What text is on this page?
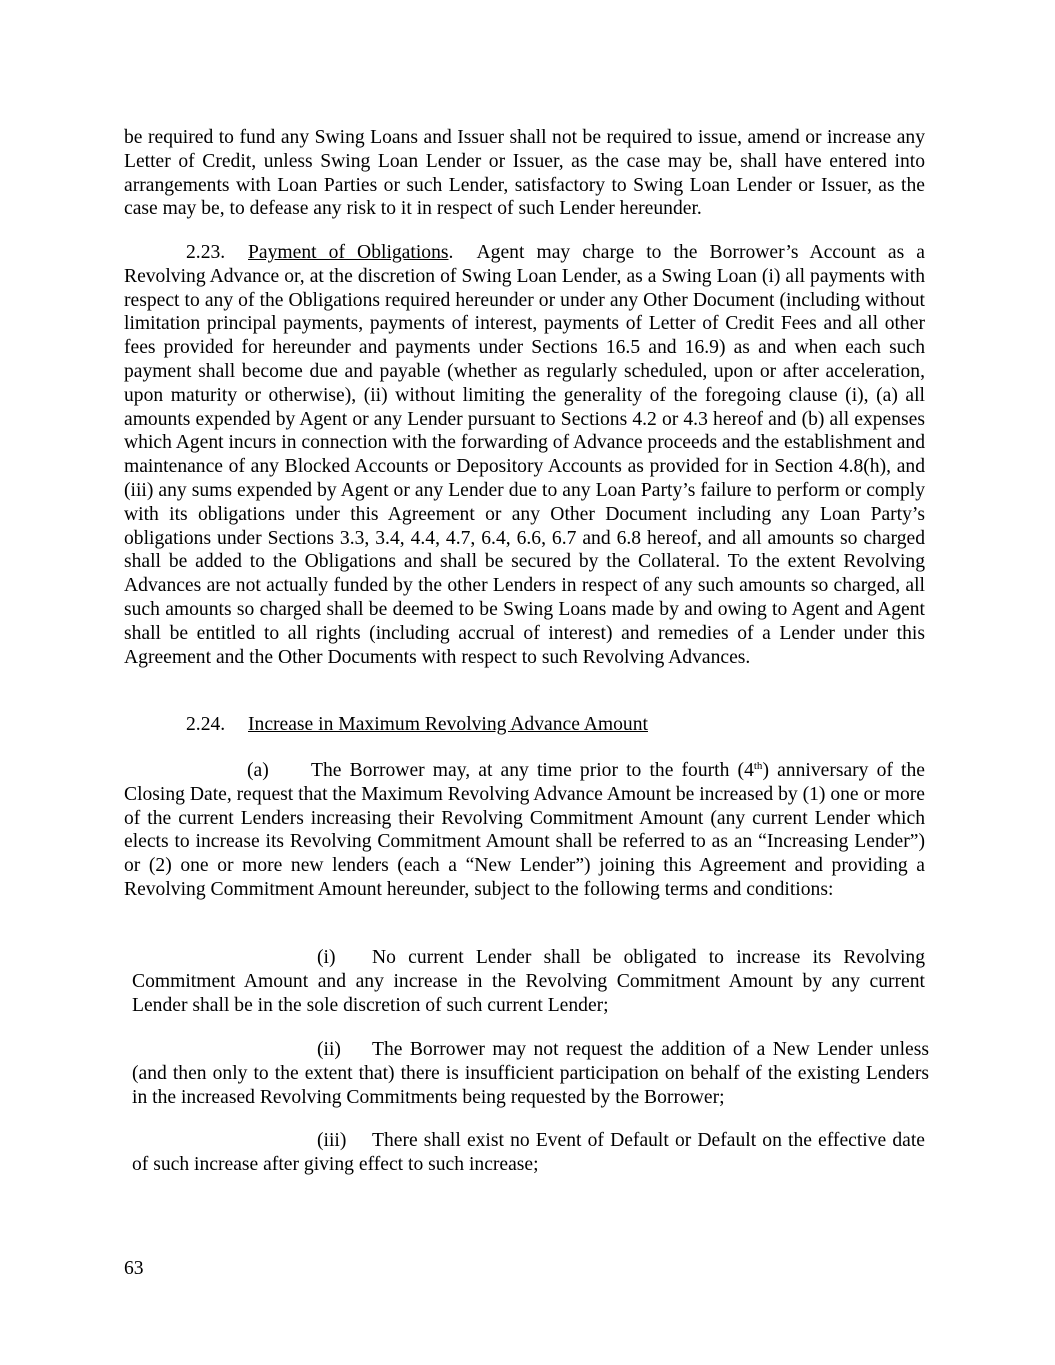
be required to fund any Swing Loans and Issuer shall not be required to issue, amend or increase any Letter of Credit, unless Swing Loan Lender or Issuer, as the case may be, shall have entered into arrangements with Loan Parties or such Lender, satisfactory to Swing Loan Lender or Issuer, as the case may be, to defease any risk to it in respect of such Lender hereunder.

2.23. Payment of Obligations. Agent may charge to the Borrower’s Account as a Revolving Advance or, at the discretion of Swing Loan Lender, as a Swing Loan (i) all payments with respect to any of the Obligations required hereunder or under any Other Document (including without limitation principal payments, payments of interest, payments of Letter of Credit Fees and all other fees provided for hereunder and payments under Sections 16.5 and 16.9) as and when each such payment shall become due and payable (whether as regularly scheduled, upon or after acceleration, upon maturity or otherwise), (ii) without limiting the generality of the foregoing clause (i), (a) all amounts expended by Agent or any Lender pursuant to Sections 4.2 or 4.3 hereof and (b) all expenses which Agent incurs in connection with the forwarding of Advance proceeds and the establishment and maintenance of any Blocked Accounts or Depository Accounts as provided for in Section 4.8(h), and (iii) any sums expended by Agent or any Lender due to any Loan Party’s failure to perform or comply with its obligations under this Agreement or any Other Document including any Loan Party’s obligations under Sections 3.3, 3.4, 4.4, 4.7, 6.4, 6.6, 6.7 and 6.8 hereof, and all amounts so charged shall be added to the Obligations and shall be secured by the Collateral. To the extent Revolving Advances are not actually funded by the other Lenders in respect of any such amounts so charged, all such amounts so charged shall be deemed to be Swing Loans made by and owing to Agent and Agent shall be entitled to all rights (including accrual of interest) and remedies of a Lender under this Agreement and the Other Documents with respect to such Revolving Advances.

2.24. Increase in Maximum Revolving Advance Amount

(a) The Borrower may, at any time prior to the fourth (4th) anniversary of the Closing Date, request that the Maximum Revolving Advance Amount be increased by (1) one or more of the current Lenders increasing their Revolving Commitment Amount (any current Lender which elects to increase its Revolving Commitment Amount shall be referred to as an “Increasing Lender”) or (2) one or more new lenders (each a “New Lender”) joining this Agreement and providing a Revolving Commitment Amount hereunder, subject to the following terms and conditions:

(i) No current Lender shall be obligated to increase its Revolving Commitment Amount and any increase in the Revolving Commitment Amount by any current Lender shall be in the sole discretion of such current Lender;

(ii) The Borrower may not request the addition of a New Lender unless (and then only to the extent that) there is insufficient participation on behalf of the existing Lenders in the increased Revolving Commitments being requested by the Borrower;

(iii) There shall exist no Event of Default or Default on the effective date of such increase after giving effect to such increase;

63
